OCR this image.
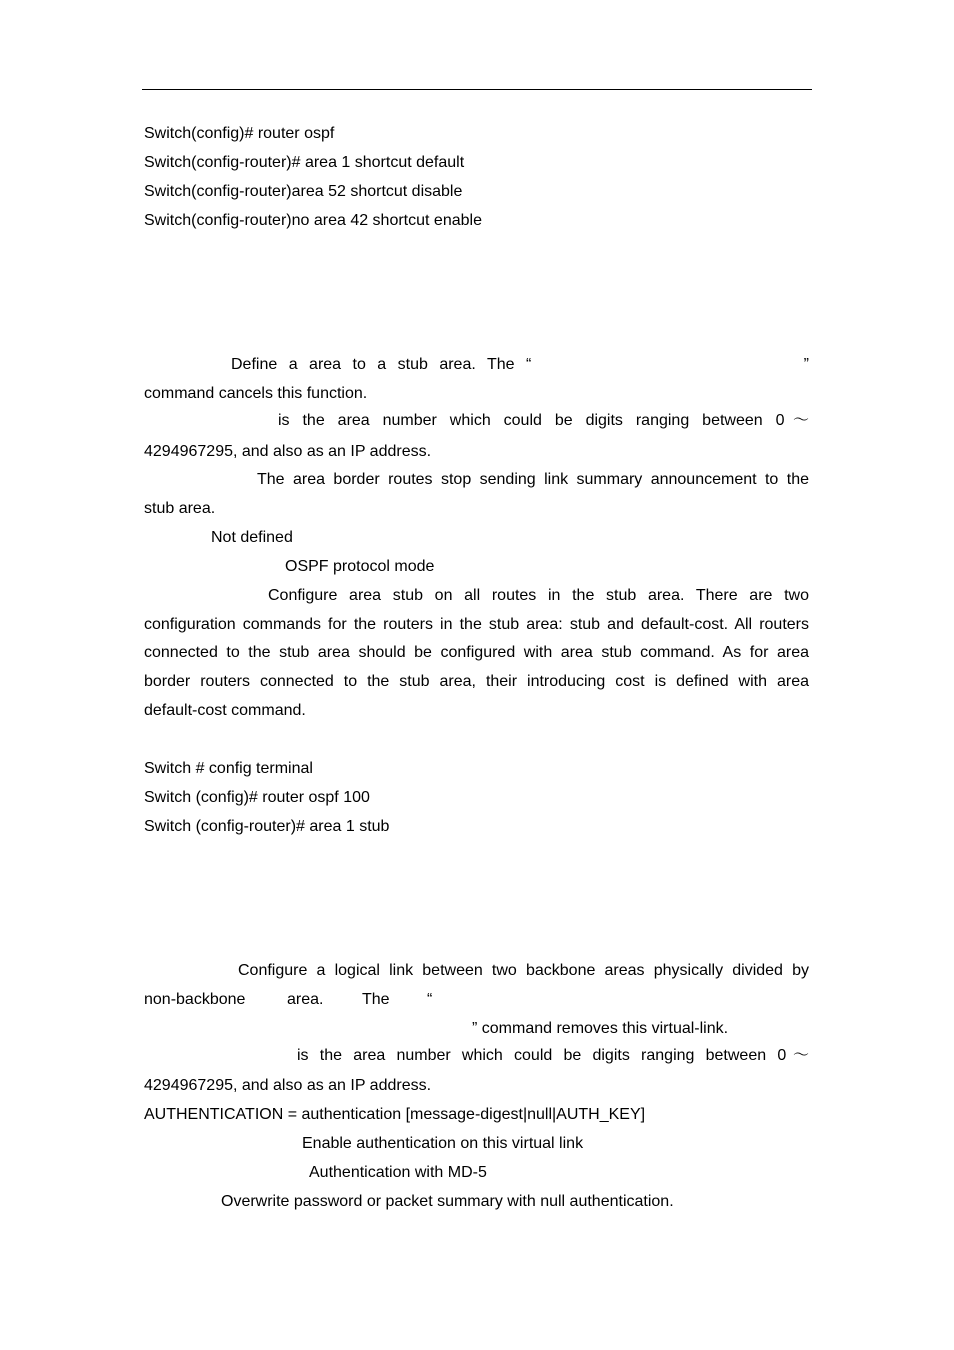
Switch(config)# router ospf
Switch(config-router)# area 1 shortcut default
Switch(config-router)area 52 shortcut disable
Switch(config-router)no area 42 shortcut enable
Define a area to a stub area. The “	”
command cancels this function.
is the area number which could be digits ranging between 0～
4294967295, and also as an IP address.
The area border routes stop sending link summary announcement to the
stub area.
Not defined
OSPF protocol mode
Configure area stub on all routes in the stub area. There are two
configuration commands for the routers in the stub area: stub and default-cost. All routers
connected to the stub area should be configured with area stub command. As for area
border routers connected to the stub area, their introducing cost is defined with area
default-cost command.
Switch # config terminal
Switch (config)# router ospf 100
Switch (config-router)# area 1 stub
Configure a logical link between two backbone areas physically divided by
non-backbone	area. The “
” command removes this virtual-link.
is the area number which could be digits ranging between 0～
4294967295, and also as an IP address.
AUTHENTICATION = authentication [message-digest|null|AUTH_KEY]
Enable authentication on this virtual link
Authentication with MD-5
Overwrite password or packet summary with null authentication.
